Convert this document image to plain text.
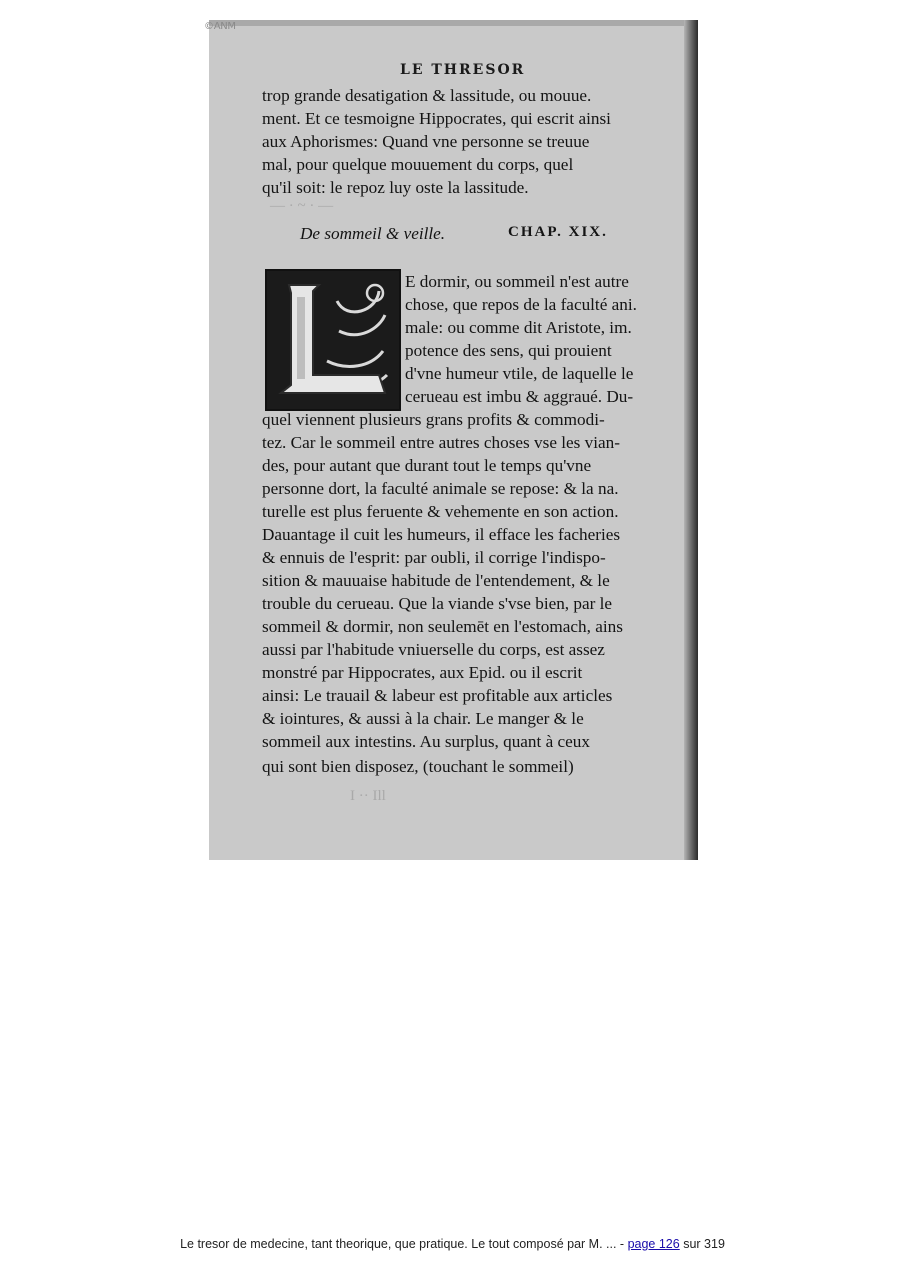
©ANM
LE THRESOR
— · ~ · —
trop grande desatigation & lassitude, ou mouue.
ment. Et ce tesmoigne Hippocrates, qui escrit ainsi
aux Aphorismes: Quand vne personne se treuue
mal, pour quelque mouuement du corps, quel
qu'il soit: le repoz luy oste la lassitude.
De sommeil & veille.	CHAP. XIX.
E dormir, ou sommeil n'est autre
chose, que repos de la faculté ani.
male: ou comme dit Aristote, im.
potence des sens, qui prouient
d'vne humeur vtile, de laquelle le
cerueau est imbu & aggraué. Du-
quel viennent plusieurs grans profits & commodi-
tez. Car le sommeil entre autres choses vse les vian-
des, pour autant que durant tout le temps qu'vne
personne dort, la faculté animale se repose: & la na.
turelle est plus feruente & vehemente en son action.
Dauantage il cuit les humeurs, il efface les facheries
& ennuis de l'esprit: par oubli, il corrige l'indispo-
sition & mauuaise habitude de l'entendement, & le
trouble du cerueau. Que la viande s'vse bien, par le
sommeil & dormir, non seulemēt en l'estomach, ains
aussi par l'habitude vniuerselle du corps, est assez
monstré par Hippocrates, aux Epid. ou il escrit
ainsi: Le trauail & labeur est profitable aux articles
& iointures, & aussi à la chair. Le manger & le
sommeil aux intestins. Au surplus, quant à ceux
qui sont bien disposez, (touchant le sommeil)
I ·· Ill
Le tresor de medecine, tant theorique, que pratique. Le tout composé par M. ... - page 126 sur 319
